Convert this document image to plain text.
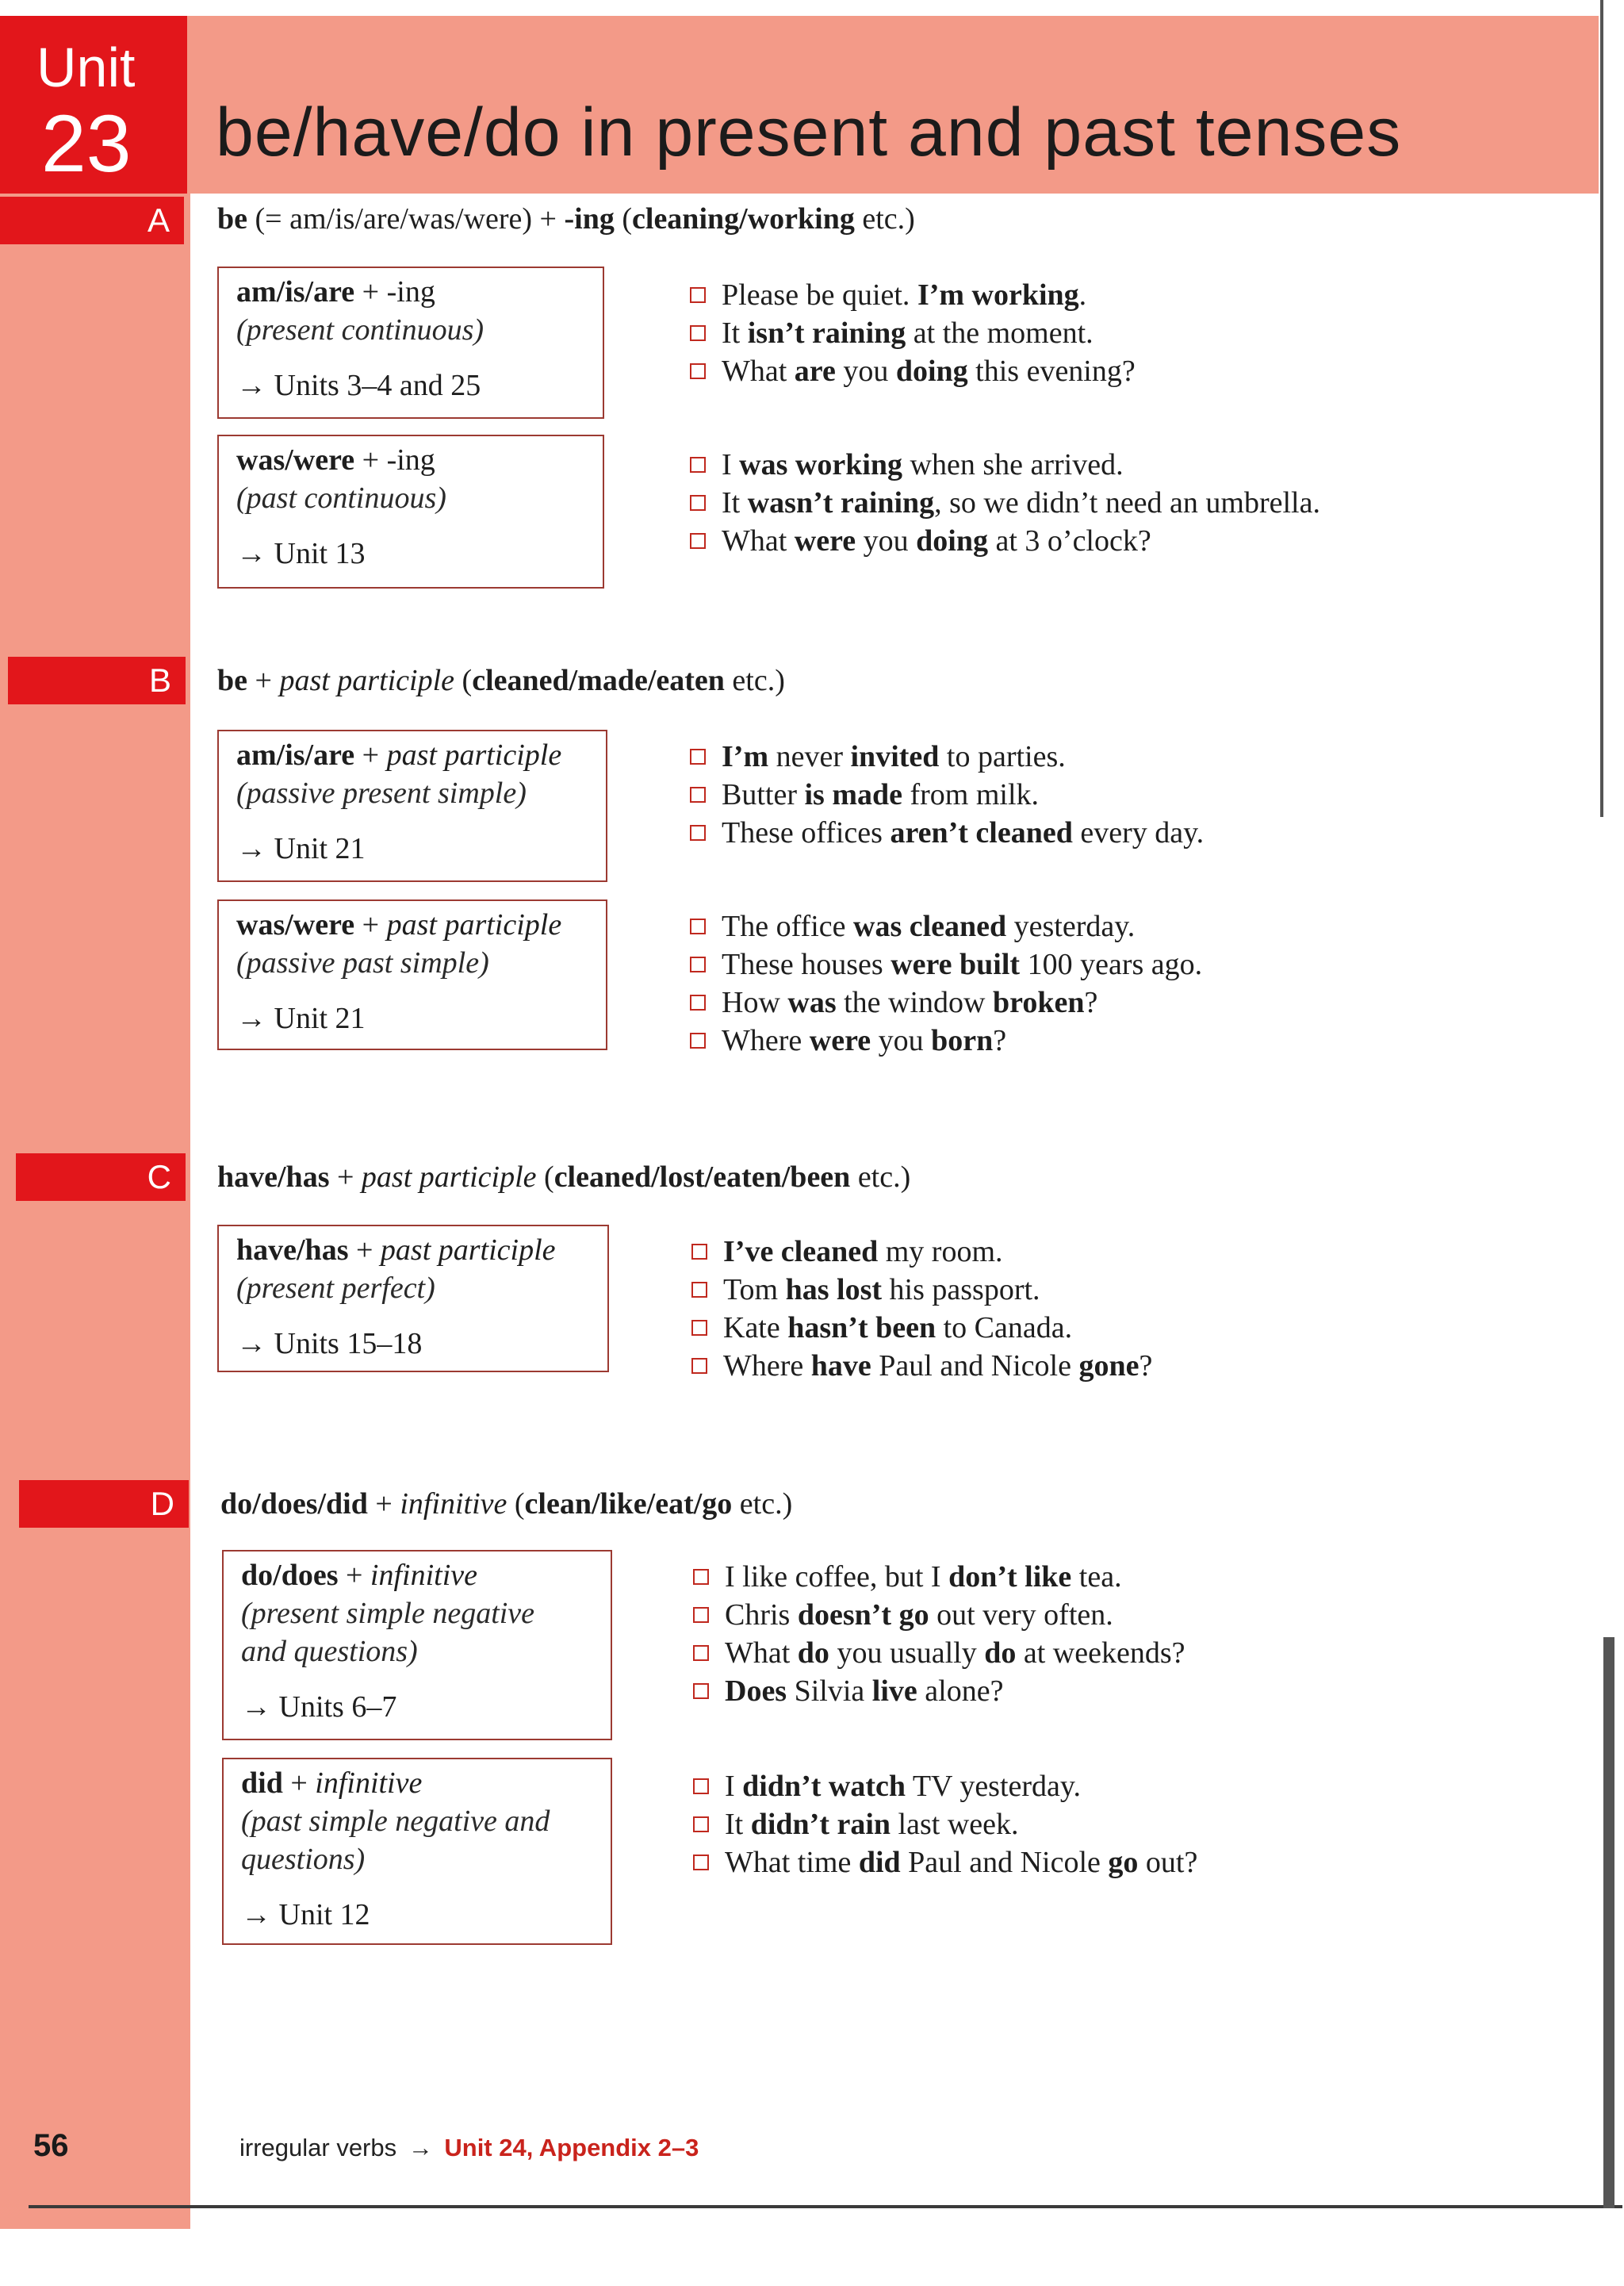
Unit
23 be/have/do in present and past tenses
A	be (= am/is/are/was/were) + -ing (cleaning/working etc.)
am/is/are + -ing
(present continuous)
→ Units 3–4 and 25
Please be quiet. I’m working.
It isn’t raining at the moment.
What are you doing this evening?
was/were + -ing
(past continuous)
→ Unit 13
I was working when she arrived.
It wasn’t raining, so we didn’t need an umbrella.
What were you doing at 3 o’clock?
B	be + past participle (cleaned/made/eaten etc.)
am/is/are + past participle
(passive present simple)
→ Unit 21
I’m never invited to parties.
Butter is made from milk.
These offices aren’t cleaned every day.
was/were + past participle
(passive past simple)
→ Unit 21
The office was cleaned yesterday.
These houses were built 100 years ago.
How was the window broken?
Where were you born?
C	have/has + past participle (cleaned/lost/eaten/been etc.)
have/has + past participle
(present perfect)
→ Units 15–18
I’ve cleaned my room.
Tom has lost his passport.
Kate hasn’t been to Canada.
Where have Paul and Nicole gone?
D	do/does/did + infinitive (clean/like/eat/go etc.)
do/does + infinitive
(present simple negative
and questions)
→ Units 6–7
I like coffee, but I don’t like tea.
Chris doesn’t go out very often.
What do you usually do at weekends?
Does Silvia live alone?
did + infinitive
(past simple negative and
questions)
→ Unit 12
I didn’t watch TV yesterday.
It didn’t rain last week.
What time did Paul and Nicole go out?
56	irregular verbs → Unit 24, Appendix 2–3
